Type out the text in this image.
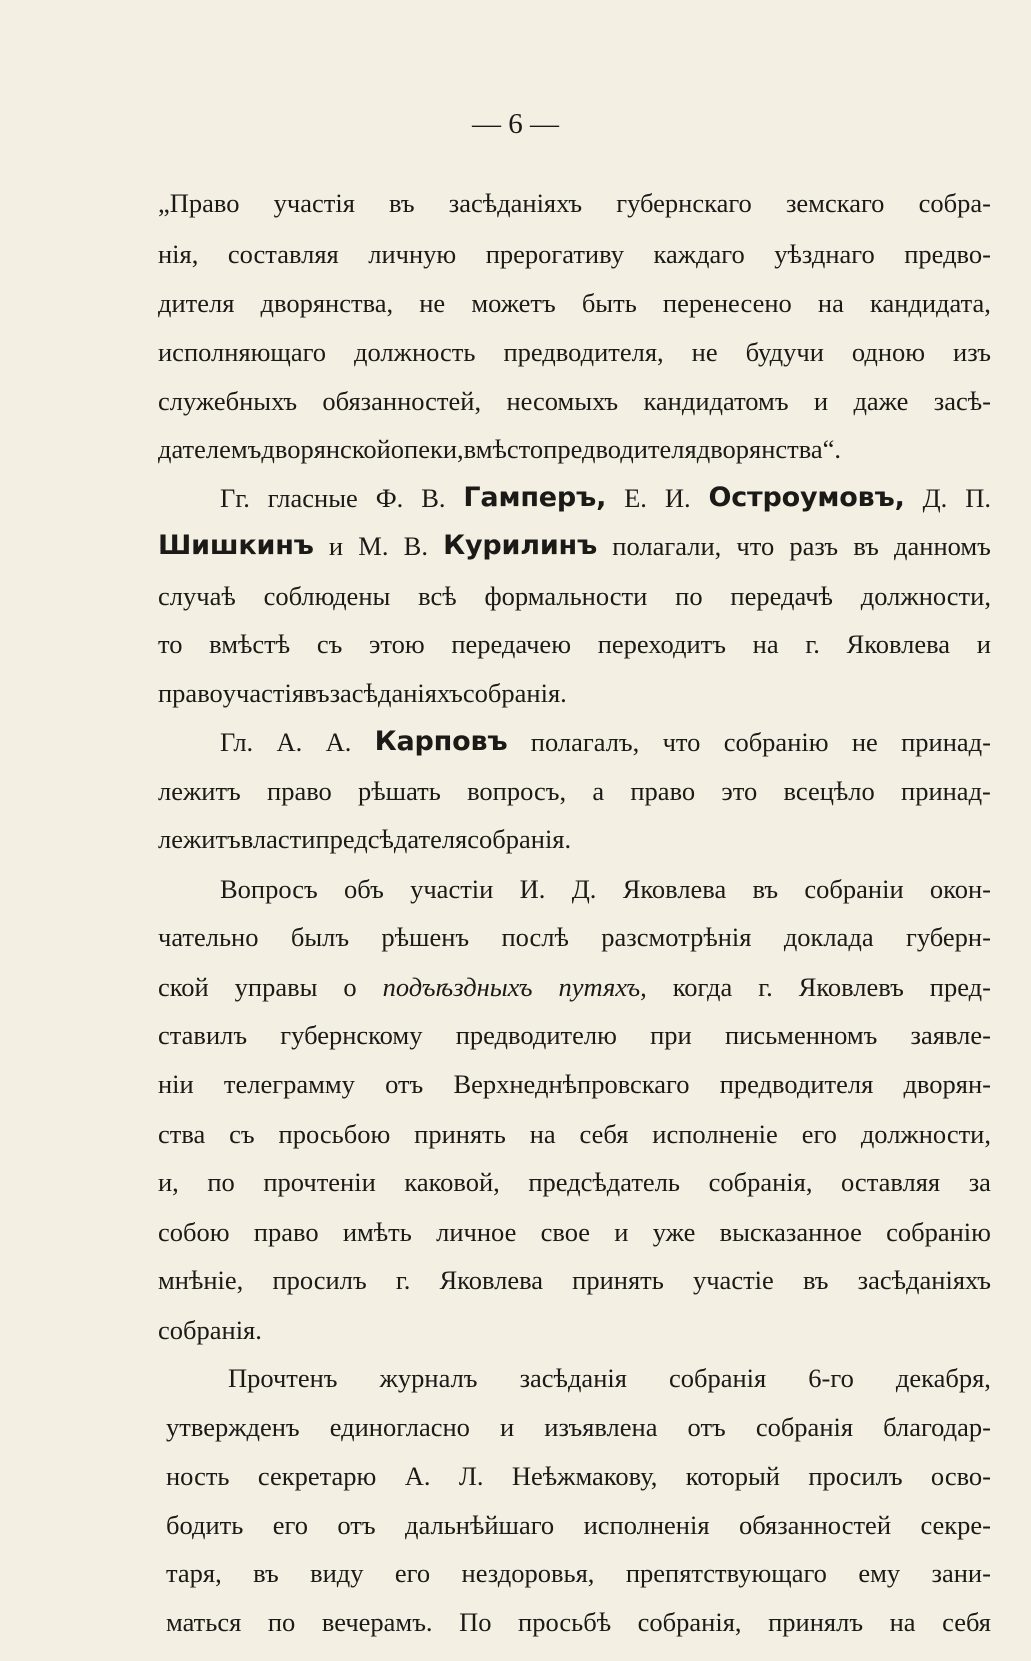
— 6 —
„Право участія въ засѣданіяхъ губернскаго земскаго собра-
нія, составляя личную прерогативу каждаго уѣзднаго предво-
дителя дворянства, не можетъ быть перенесено на кандидата,
исполняющаго должность предводителя, не будучи одною изъ
служебныхъ обязанностей, несомыхъ кандидатомъ и даже засѣ-
дателемъ дворянской опеки, вмѣсто предводителя дворянства“.
Гг. гласные Ф. В. Гамперъ, Е. И. Остроумовъ, Д. П.
Шишкинъ и М. В. Курилинъ полагали, что разъ въ данномъ
случаѣ соблюдены всѣ формальности по передачѣ должности,
то вмѣстѣ съ этою передачею переходитъ на г. Яковлева и
право участія въ засѣданіяхъ собранія.
Гл. А. А. Карповъ полагалъ, что собранію не принад-
лежитъ право рѣшать вопросъ, а право это всецѣло принад-
лежитъ власти предсѣдателя собранія.
Вопросъ объ участіи И. Д. Яковлева въ собраніи окон-
чательно былъ рѣшенъ послѣ разсмотрѣнія доклада губерн-
ской управы о подъѣздныхъ путяхъ, когда г. Яковлевъ пред-
ставилъ губернскому предводителю при письменномъ заявле-
ніи телеграмму отъ Верхнеднѣпровскаго предводителя дворян-
ства съ просьбою принять на себя исполненіе его должности,
и, по прочтеніи каковой, предсѣдатель собранія, оставляя за
собою право имѣть личное свое и уже высказанное собранію
мнѣніе, просилъ г. Яковлева принять участіе въ засѣданіяхъ
собранія.
Прочтенъ журналъ засѣданія собранія 6-го декабря,
утвержденъ единогласно и изъявлена отъ собранія благодар-
ность секретарю А. Л. Неѣжмакову, который просилъ осво-
бодить его отъ дальнѣйшаго исполненія обязанностей секре-
таря, въ виду его нездоровья, препятствующаго ему зани-
маться по вечерамъ. По просьбѣ собранія, принялъ на себя
